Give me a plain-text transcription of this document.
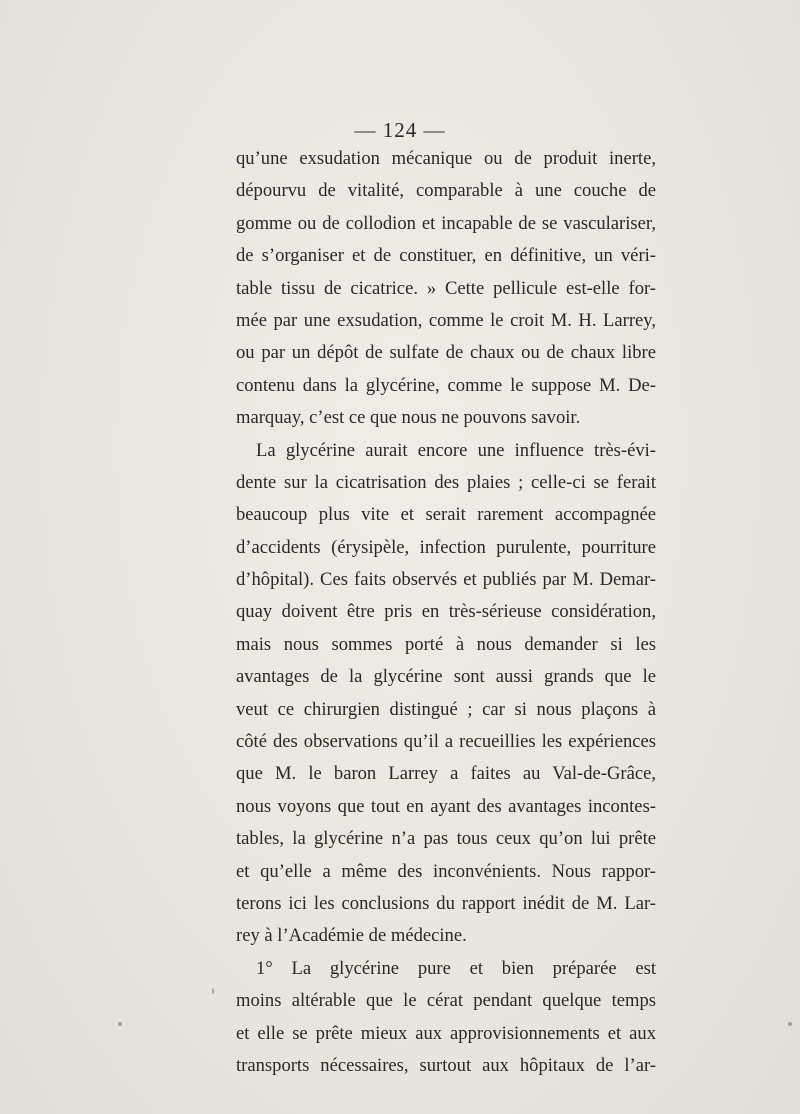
— 124 —
qu’une exsudation mécanique ou de produit inerte,
dépourvu de vitalité, comparable à une couche de
gomme ou de collodion et incapable de se vasculariser,
de s’organiser et de constituer, en définitive, un véri-
table tissu de cicatrice. » Cette pellicule est-elle for-
mée par une exsudation, comme le croit M. H. Larrey,
ou par un dépôt de sulfate de chaux ou de chaux libre
contenu dans la glycérine, comme le suppose M. De-
marquay, c’est ce que nous ne pouvons savoir.
La glycérine aurait encore une influence très-évi-
dente sur la cicatrisation des plaies ; celle-ci se ferait
beaucoup plus vite et serait rarement accompagnée
d’accidents (érysipèle, infection purulente, pourriture
d’hôpital). Ces faits observés et publiés par M. Demar-
quay doivent être pris en très-sérieuse considération,
mais nous sommes porté à nous demander si les
avantages de la glycérine sont aussi grands que le
veut ce chirurgien distingué ; car si nous plaçons à
côté des observations qu’il a recueillies les expériences
que M. le baron Larrey a faites au Val-de-Grâce,
nous voyons que tout en ayant des avantages incontes-
tables, la glycérine n’a pas tous ceux qu’on lui prête
et qu’elle a même des inconvénients. Nous rappor-
terons ici les conclusions du rapport inédit de M. Lar-
rey à l’Académie de médecine.
1° La glycérine pure et bien préparée est
moins altérable que le cérat pendant quelque temps
et elle se prête mieux aux approvisionnements et aux
transports nécessaires, surtout aux hôpitaux de l’ar-
